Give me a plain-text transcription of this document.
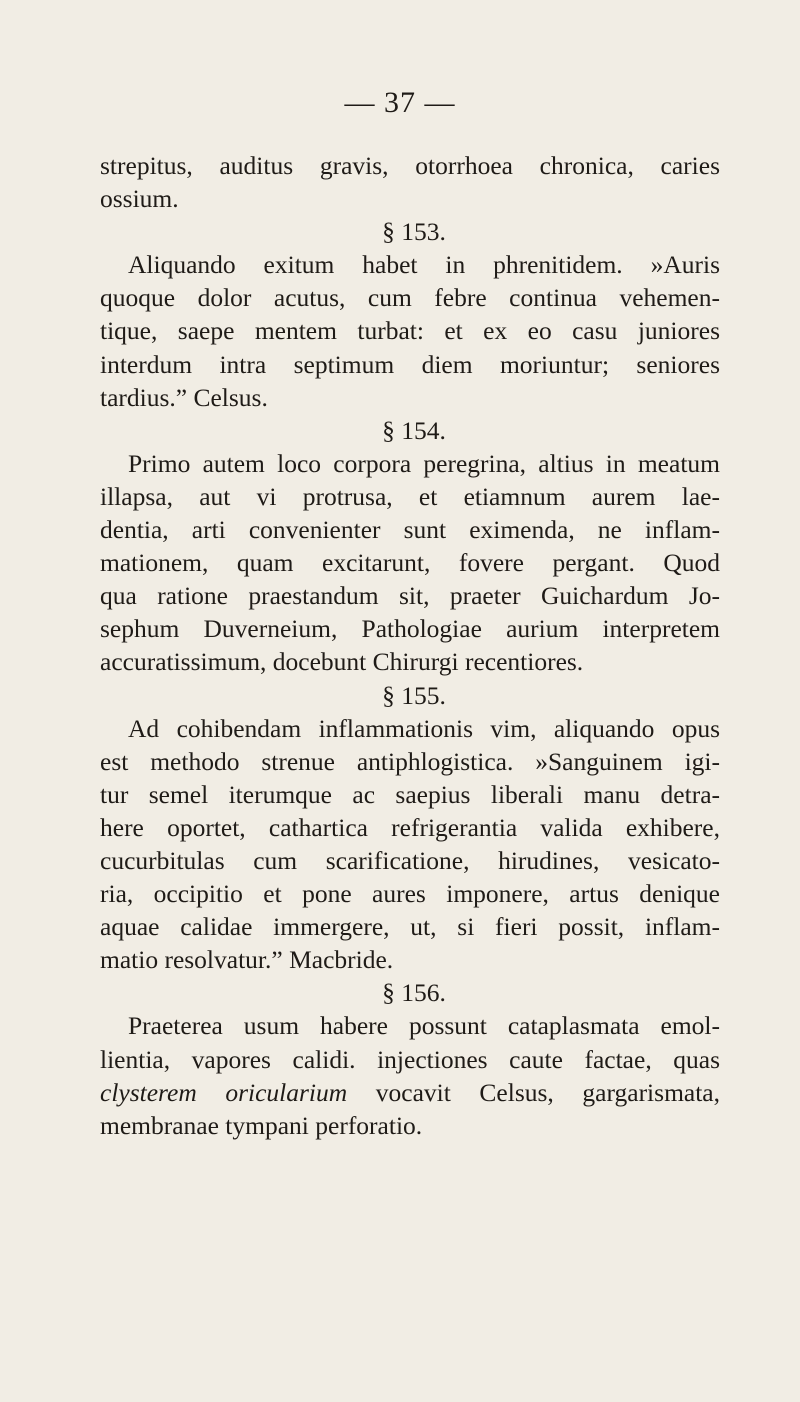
— 37 —
strepitus, auditus gravis, otorrhoea chronica, caries
ossium.
§ 153.
Aliquando exitum habet in phrenitidem. »Auris
quoque dolor acutus, cum febre continua vehemen-
tique, saepe mentem turbat: et ex eo casu juniores
interdum intra septimum diem moriuntur; seniores
tardius.” Celsus.
§ 154.
Primo autem loco corpora peregrina, altius in meatum
illapsa, aut vi protrusa, et etiamnum aurem lae-
dentia, arti convenienter sunt eximenda, ne inflam-
mationem, quam excitarunt, fovere pergant. Quod
qua ratione praestandum sit, praeter Guichardum Jo-
sephum Duverneium, Pathologiae aurium interpretem
accuratissimum, docebunt Chirurgi recentiores.
§ 155.
Ad cohibendam inflammationis vim, aliquando opus
est methodo strenue antiphlogistica. »Sanguinem igi-
tur semel iterumque ac saepius liberali manu detra-
here oportet, cathartica refrigerantia valida exhibere,
cucurbitulas cum scarificatione, hirudines, vesicato-
ria, occipitio et pone aures imponere, artus denique
aquae calidae immergere, ut, si fieri possit, inflam-
matio resolvatur.” Macbride.
§ 156.
Praeterea usum habere possunt cataplasmata emol-
lientia, vapores calidi. injectiones caute factae, quas
clysterem oricularium vocavit Celsus, gargarismata,
membranae tympani perforatio.
